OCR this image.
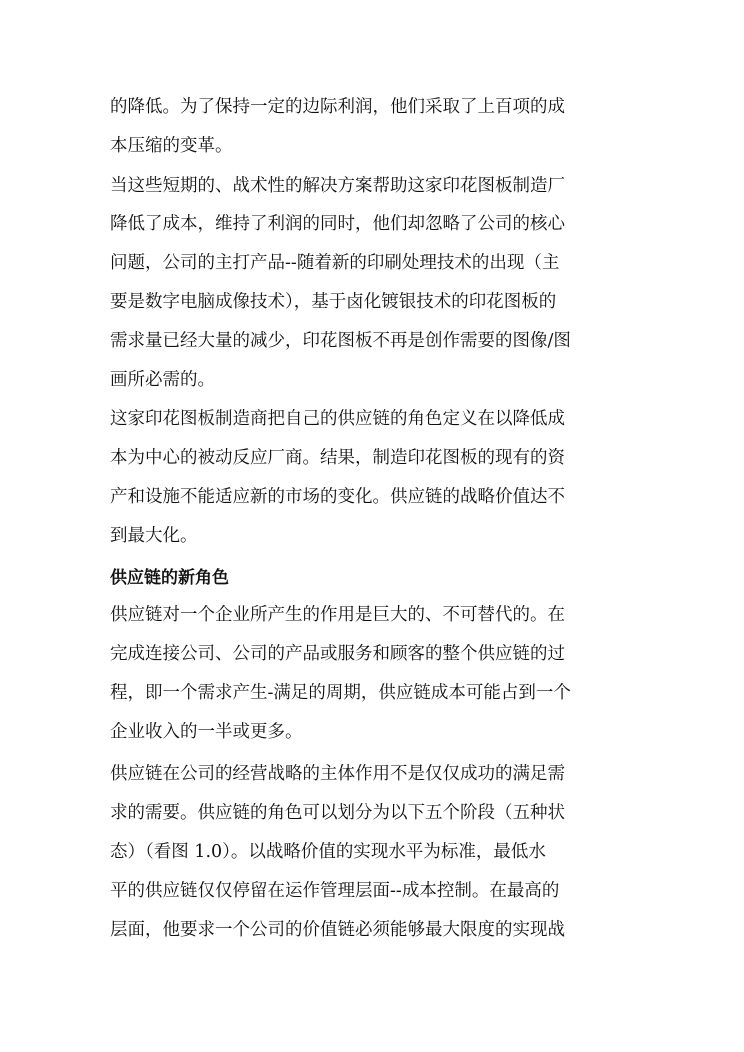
的降低。为了保持一定的边际利润，他们采取了上百项的成
本压缩的变革。
当这些短期的、战术性的解决方案帮助这家印花图板制造厂
降低了成本，维持了利润的同时，他们却忽略了公司的核心
问题，公司的主打产品--随着新的印刷处理技术的出现（主
要是数字电脑成像技术），基于卤化镀银技术的印花图板的
需求量已经大量的减少，印花图板不再是创作需要的图像/图
画所必需的。
这家印花图板制造商把自己的供应链的角色定义在以降低成
本为中心的被动反应厂商。结果，制造印花图板的现有的资
产和设施不能适应新的市场的变化。供应链的战略价值达不
到最大化。
供应链的新角色
供应链对一个企业所产生的作用是巨大的、不可替代的。在
完成连接公司、公司的产品或服务和顾客的整个供应链的过
程，即一个需求产生-满足的周期，供应链成本可能占到一个
企业收入的一半或更多。
供应链在公司的经营战略的主体作用不是仅仅成功的满足需
求的需要。供应链的角色可以划分为以下五个阶段（五种状
态）（看图 1.0）。以战略价值的实现水平为标准，最低水
平的供应链仅仅停留在运作管理层面--成本控制。在最高的
层面，他要求一个公司的价值链必须能够最大限度的实现战
